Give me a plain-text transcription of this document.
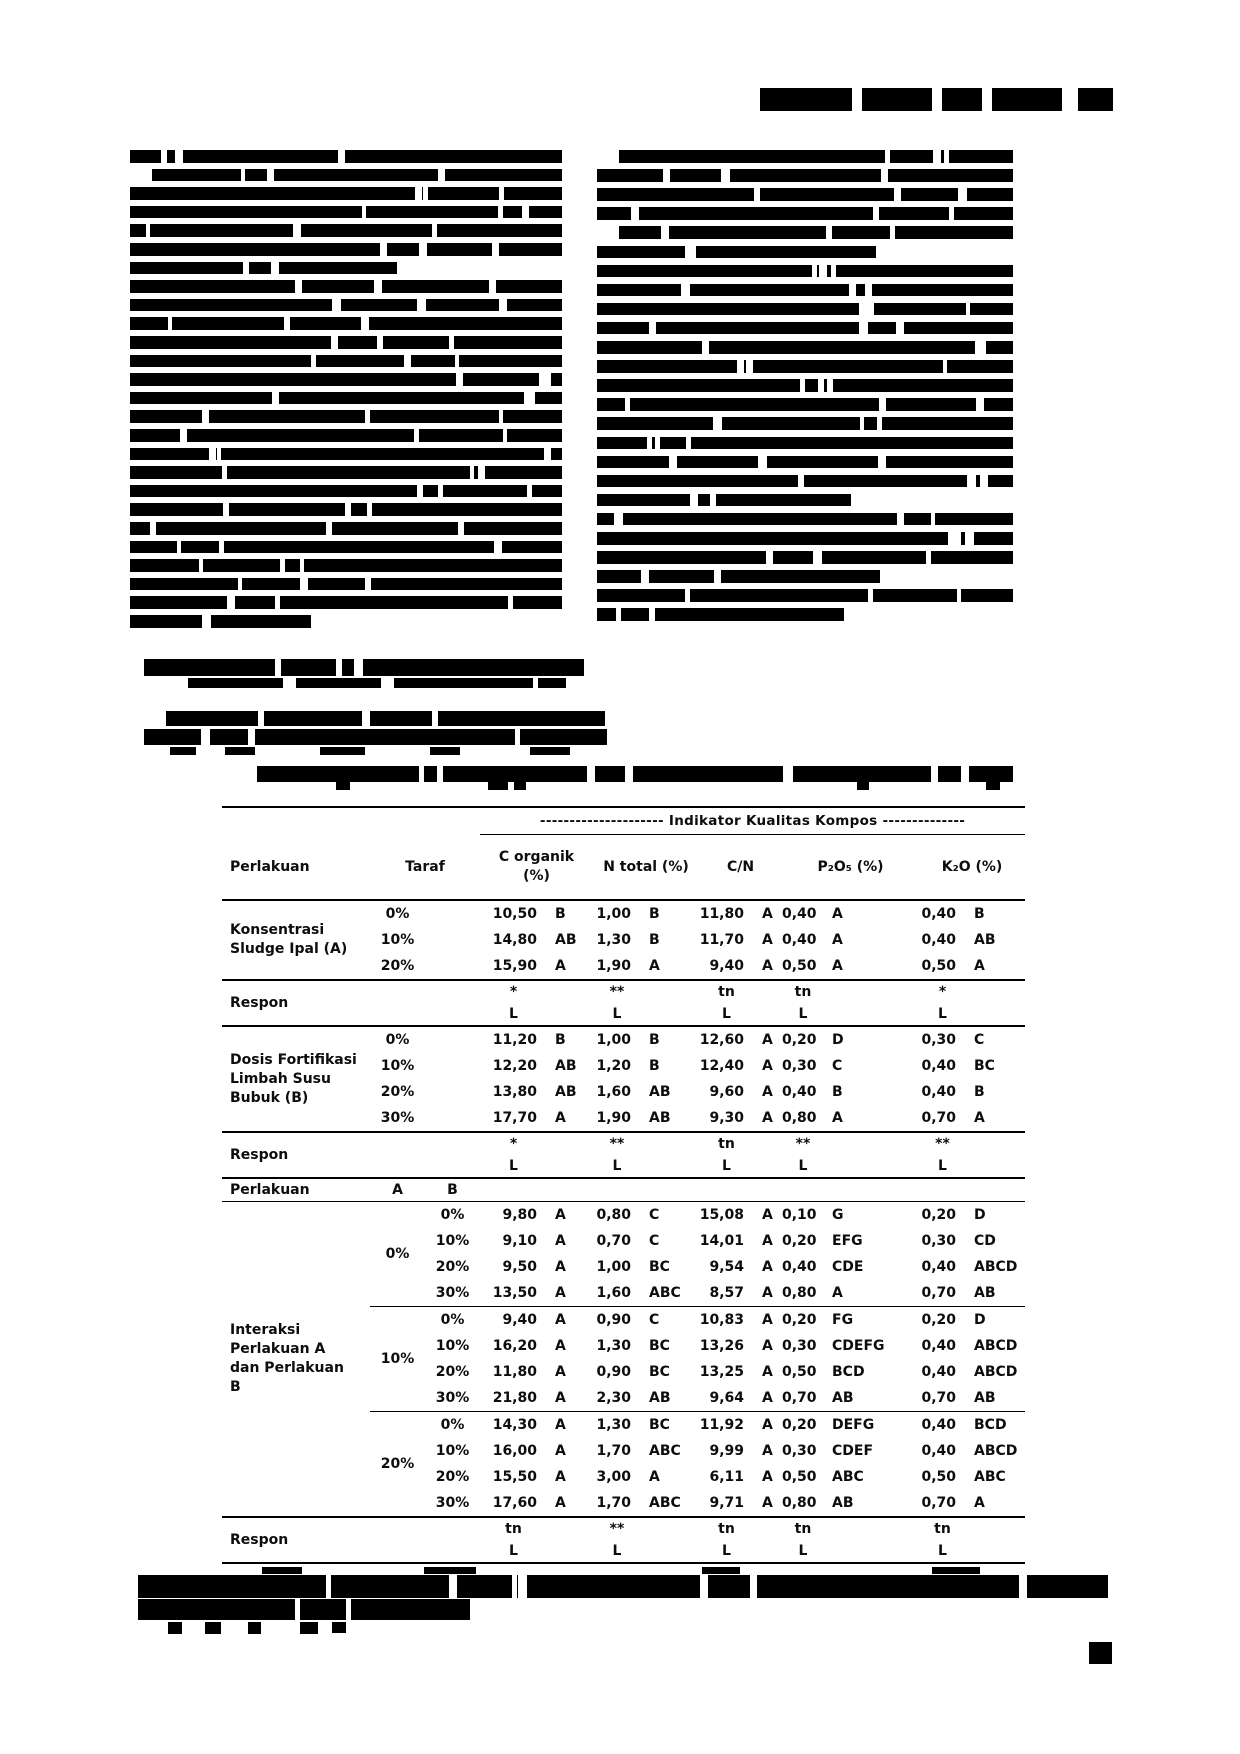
			--------------------- Indikator Kualitas Kompos --------------									
Perlakuan	Taraf		C organik
(%)		N total (%)		C/N		P₂O₅ (%)		K₂O (%)	

Konsentrasi
Sludge Ipal (A)	0%		10,50	B	1,00	B	11,80	A	0,40	A	0,40	B
	10%		14,80	AB	1,30	B	11,70	A	0,40	A	0,40	AB
	20%		15,90	A	1,90	A	9,40	A	0,50	A	0,50	A
Respon			*		**		tn		tn		*	
			L		L		L		L		L	

Dosis Fortifikasi
Limbah Susu
Bubuk (B)	0%		11,20	B	1,00	B	12,60	A	0,20	D	0,30	C
	10%		12,20	AB	1,20	B	12,40	A	0,30	C	0,40	BC
	20%		13,80	AB	1,60	AB	9,60	A	0,40	B	0,40	B
	30%		17,70	A	1,90	AB	9,30	A	0,80	A	0,70	A
Respon			*		**		tn		**		**	
			L		L		L		L		L	
Perlakuan	A	B										

Interaksi
Perlakuan A
dan Perlakuan
B	0%	0%	9,80	A	0,80	C	15,08	A	0,10	G	0,20	D
		10%	9,10	A	0,70	C	14,01	A	0,20	EFG	0,30	CD
		20%	9,50	A	1,00	BC	9,54	A	0,40	CDE	0,40	ABCD
		30%	13,50	A	1,60	ABC	8,57	A	0,80	A	0,70	AB
	10%	0%	9,40	A	0,90	C	10,83	A	0,20	FG	0,20	D
		10%	16,20	A	1,30	BC	13,26	A	0,30	CDEFG	0,40	ABCD
		20%	11,80	A	0,90	BC	13,25	A	0,50	BCD	0,40	ABCD
		30%	21,80	A	2,30	AB	9,64	A	0,70	AB	0,70	AB
	20%	0%	14,30	A	1,30	BC	11,92	A	0,20	DEFG	0,40	BCD
		10%	16,00	A	1,70	ABC	9,99	A	0,30	CDEF	0,40	ABCD
		20%	15,50	A	3,00	A	6,11	A	0,50	ABC	0,50	ABC
		30%	17,60	A	1,70	ABC	9,71	A	0,80	AB	0,70	A
Respon			tn		**		tn		tn		tn	
			L		L		L		L		L	
